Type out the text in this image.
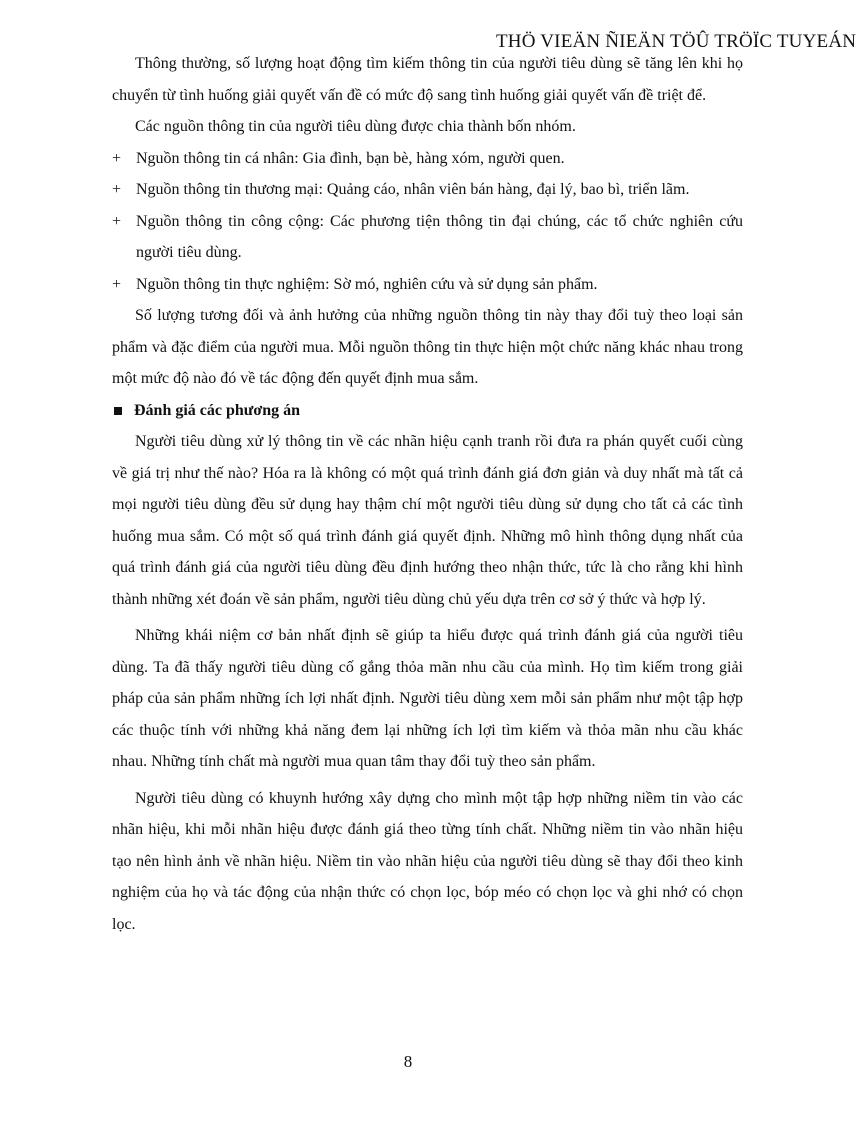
THÖ VIEÄN ÑIEÄN TÖÛ TRÖÏC TUYEÁN

Thông thường, số lượng hoạt động tìm kiếm thông tin của người tiêu dùng sẽ tăng lên khi họ chuyển từ tình huống giải quyết vấn đề có mức độ sang tình huống giải quyết vấn đề triệt để.

Các nguồn thông tin của người tiêu dùng được chia thành bốn nhóm.

+ Nguồn thông tin cá nhân: Gia đình, bạn bè, hàng xóm, người quen.
+ Nguồn thông tin thương mại: Quảng cáo, nhân viên bán hàng, đại lý, bao bì, triển lãm.
+ Nguồn thông tin công cộng: Các phương tiện thông tin đại chúng, các tổ chức nghiên cứu người tiêu dùng.
+ Nguồn thông tin thực nghiệm: Sờ mó, nghiên cứu và sử dụng sản phẩm.

Số lượng tương đối và ảnh hưởng của những nguồn thông tin này thay đổi tuỳ theo loại sản phẩm và đặc điểm của người mua. Mỗi nguồn thông tin thực hiện một chức năng khác nhau trong một mức độ nào đó về tác động đến quyết định mua sắm.

Đánh giá các phương án

Người tiêu dùng xử lý thông tin về các nhãn hiệu cạnh tranh rồi đưa ra phán quyết cuối cùng về giá trị như thế nào? Hóa ra là không có một quá trình đánh giá đơn giản và duy nhất mà tất cả mọi người tiêu dùng đều sử dụng hay thậm chí một người tiêu dùng sử dụng cho tất cả các tình huống mua sắm. Có một số quá trình đánh giá quyết định. Những mô hình thông dụng nhất của quá trình đánh giá của người tiêu dùng đều định hướng theo nhận thức, tức là cho rằng khi hình thành những xét đoán về sản phẩm, người tiêu dùng chủ yếu dựa trên cơ sở ý thức và hợp lý.

Những khái niệm cơ bản nhất định sẽ giúp ta hiểu được quá trình đánh giá của người tiêu dùng. Ta đã thấy người tiêu dùng cố gắng thỏa mãn nhu cầu của mình. Họ tìm kiếm trong giải pháp của sản phẩm những ích lợi nhất định. Người tiêu dùng xem mỗi sản phẩm như một tập hợp các thuộc tính với những khả năng đem lại những ích lợi tìm kiếm và thỏa mãn nhu cầu khác nhau. Những tính chất mà người mua quan tâm thay đổi tuỳ theo sản phẩm.

Người tiêu dùng có khuynh hướng xây dựng cho mình một tập hợp những niềm tin vào các nhãn hiệu, khi mỗi nhãn hiệu được đánh giá theo từng tính chất. Những niềm tin vào nhãn hiệu tạo nên hình ảnh về nhãn hiệu. Niềm tin vào nhãn hiệu của người tiêu dùng sẽ thay đổi theo kinh nghiệm của họ và tác động của nhận thức có chọn lọc, bóp méo có chọn lọc và ghi nhớ có chọn lọc.

8
